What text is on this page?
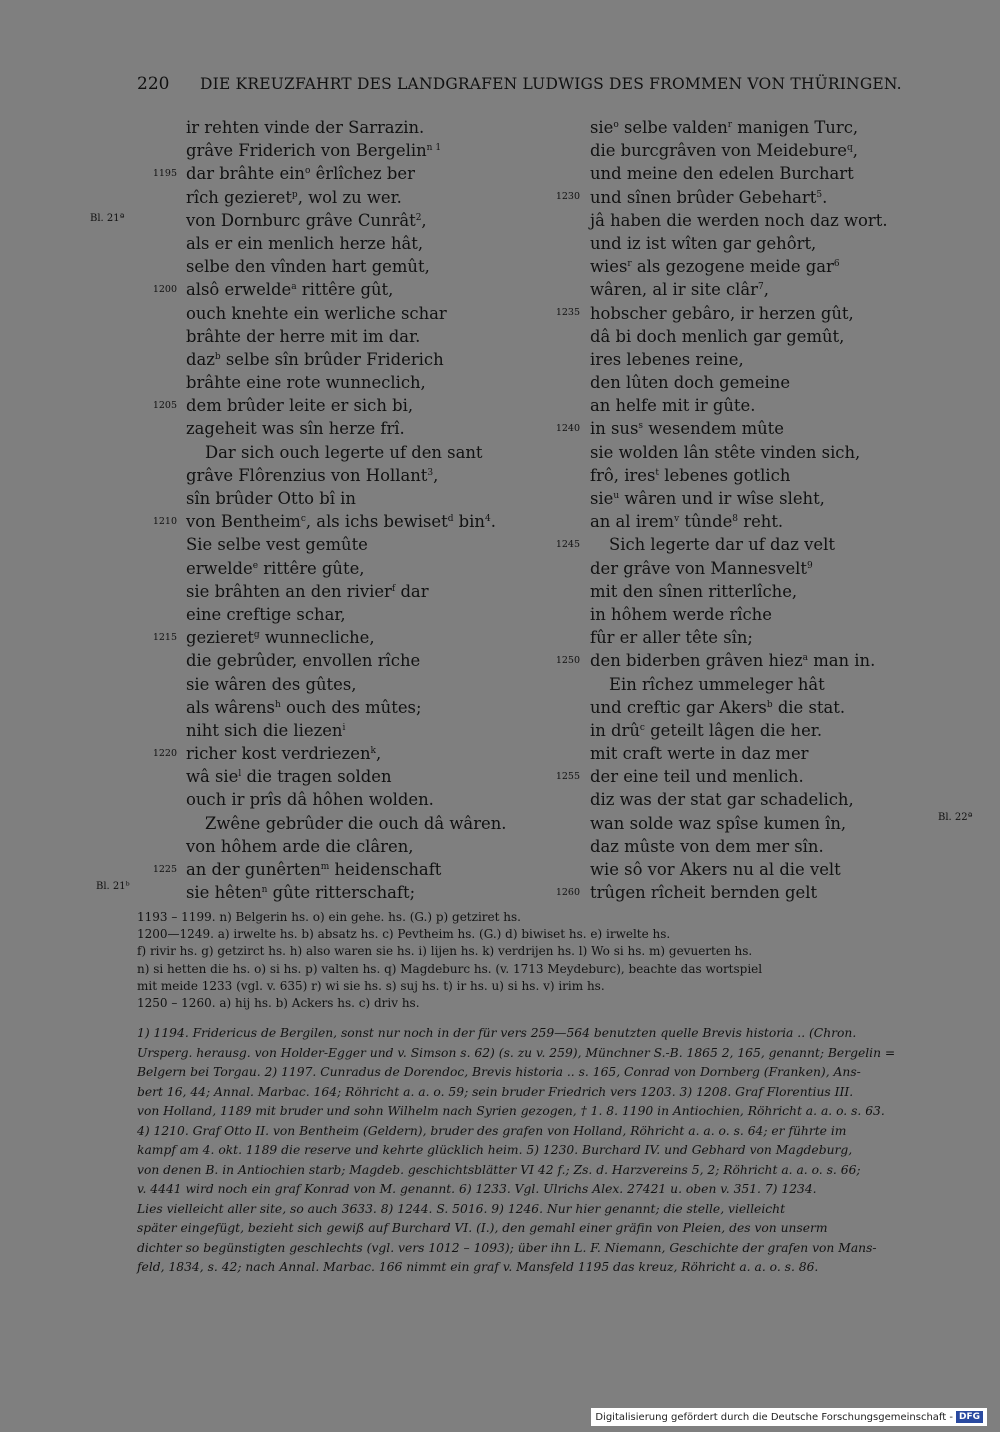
220 DIE KREUZFAHRT DES LANDGRAFEN LUDWIGS DES FROMMEN VON THÜRINGEN.
ir rehten vinde der Sarrazin.
grâve Friderich von Bergelin$^{n 1}$
dar brâhte ein$^o$ êrlîchez ber
rîch gezieret$^p$, wol zu wer.
von Dornburc grâve Cunrât$^2$,
als er ein menlich herze hât,
selbe den vînden hart gemût,
alsô erwelde$^a$ rittêre gût,
ouch knehte ein werliche schar
brâhte der herre mit im dar.
daz$^b$ selbe sîn brûder Friderich
brâhte eine rote wunneclich,
dem brûder leite er sich bi,
zageheit was sîn herze frî.
Dar sich ouch legerte uf den sant
grâve Flôrenzius von Hollant$^3$,
sîn brûder Otto bî in
von Bentheim$^c$, als ichs bewiset$^d$ bin$^4$.
Sie selbe vest gemûte
erwelde$^e$ rittêre gûte,
sie brâhten an den rivier$^f$ dar
eine creftige schar,
gezieret$^g$ wunnecliche,
die gebrûder, envollen rîche
sie wâren des gûtes,
als wârens$^h$ ouch des mûtes;
niht sich die liezen$^i$
richer kost verdriezen$^k$,
wâ sie$^l$ die tragen solden
ouch ir prîs dâ hôhen wolden.
Zwêne gebrûder die ouch dâ wâren.
von hôhem arde die clâren,
an der gunêrten$^m$ heidenschaft
sie hêten$^n$ gûte ritterschaft;
sie$^o$ selbe valden$^r$ manigen Turc,
die burcgrâven von Meidebure$^q$,
und meine den edelen Burchart
und sînen brûder Gebehart$^5$.
jâ haben die werden noch daz wort.
und iz ist wîten gar gehôrt,
wies$^r$ als gezogene meide gar$^6$
wâren, al ir site clâr$^7$,
hobscher gebâro, ir herzen gût,
dâ bi doch menlich gar gemût,
ires lebenes reine,
den lûten doch gemeine
an helfe mit ir gûte.
in sus$^s$ wesendem mûte
sie wolden lân stête vinden sich,
frô, ires$^t$ lebenes gotlich
sie$^u$ wâren und ir wîse sleht,
an al irem$^v$ tûnde$^8$ reht.
Sich legerte dar uf daz velt
der grâve von Mannesvelt$^9$
mit den sînen ritterlîche,
in hôhem werde rîche
fûr er aller tête sîn;
den biderben grâven hiez$^a$ man in.
Ein rîchez ummeleger hât
und creftic gar Akers$^b$ die stat.
in drû$^c$ geteilt lâgen die her.
mit craft werte in daz mer
der eine teil und menlich.
diz was der stat gar schadelich,
wan solde waz spîse kumen în,
daz mûste von dem mer sîn.
wie sô vor Akers nu al die velt
trûgen rîcheit bernden gelt
1195
1200
1205
1210
1215
1220
1225
1230
1235
1240
1245
1250
1255
1260
Bl. 21ª
Bl. 21ᵇ
Bl. 22ª
1193 – 1199. n) Belgerin hs. o) ein gehe. hs. (G.) p) getziret hs.
1200—1249. a) irwelte hs. b) absatz hs. c) Pevtheim hs. (G.) d) biwiset hs. e) irwelte hs.
f) rivir hs. g) getzirct hs. h) also waren sie hs. i) lijen hs. k) verdrijen hs. l) Wo si hs. m) gevuerten hs.
n) si hetten die hs. o) si hs. p) valten hs. q) Magdeburc hs. (v. 1713 Meydeburc), beachte das wortspiel
mit meide 1233 (vgl. v. 635) r) wi sie hs. s) suj hs. t) ir hs. u) si hs. v) irim hs.
1250 – 1260. a) hij hs. b) Ackers hs. c) driv hs.

1) 1194. Fridericus de Bergilen, sonst nur noch in der für vers 259—564 benutzten quelle Brevis historia .. (Chron.

Ursperg. herausg. von Holder-Egger und v. Simson s. 62) (s. zu v. 259), Münchner S.-B. 1865 2, 165, genannt; Bergelin =

Belgern bei Torgau. 2) 1197. Cunradus de Dorendoc, Brevis historia .. s. 165, Conrad von Dornberg (Franken), Ans-

bert 16, 44; Annal. Marbac. 164; Röhricht a. a. o. 59; sein bruder Friedrich vers 1203. 3) 1208. Graf Florentius III.

von Holland, 1189 mit bruder und sohn Wilhelm nach Syrien gezogen, † 1. 8. 1190 in Antiochien, Röhricht a. a. o. s. 63.

4) 1210. Graf Otto II. von Bentheim (Geldern), bruder des grafen von Holland, Röhricht a. a. o. s. 64; er führte im

kampf am 4. okt. 1189 die reserve und kehrte glücklich heim. 5) 1230. Burchard IV. und Gebhard von Magdeburg,

von denen B. in Antiochien starb; Magdeb. geschichtsblätter VI 42 f.; Zs. d. Harzvereins 5, 2; Röhricht a. a. o. s. 66;

v. 4441 wird noch ein graf Konrad von M. genannt. 6) 1233. Vgl. Ulrichs Alex. 27421 u. oben v. 351. 7) 1234.

Lies vielleicht aller site, so auch 3633. 8) 1244. S. 5016. 9) 1246. Nur hier genannt; die stelle, vielleicht

später eingefügt, bezieht sich gewiß auf Burchard VI. (I.), den gemahl einer gräfin von Pleien, des von unserm

dichter so begünstigten geschlechts (vgl. vers 1012 – 1093); über ihn L. F. Niemann, Geschichte der grafen von Mans-

feld, 1834, s. 42; nach Annal. Marbac. 166 nimmt ein graf v. Mansfeld 1195 das kreuz, Röhricht a. a. o. s. 86.

Digitalisierung gefördert durch die Deutsche Forschungsgemeinschaft - DFG
